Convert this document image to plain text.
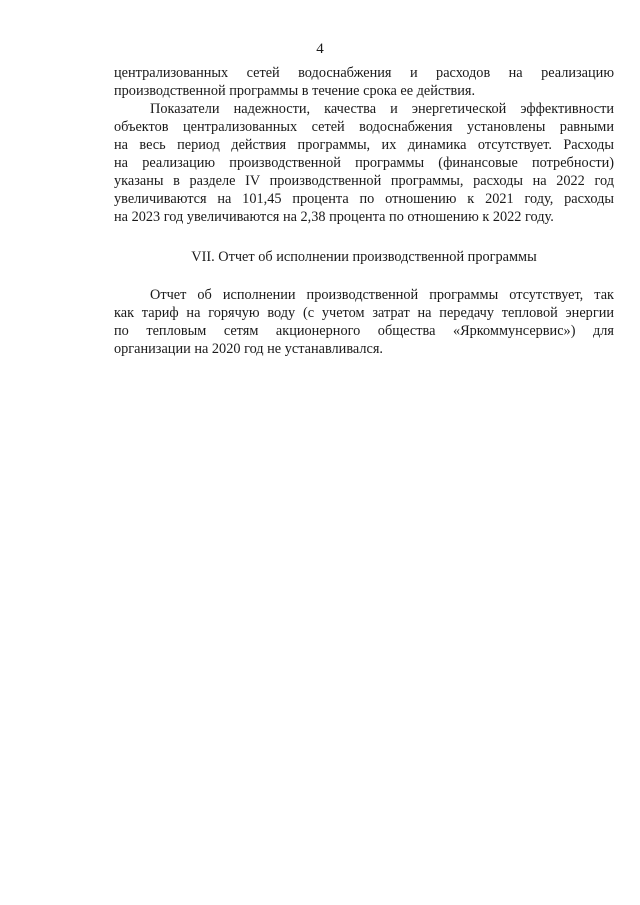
4

централизованных сетей водоснабжения и расходов на реализацию
производственной программы в течение срока ее действия.

Показатели надежности, качества и энергетической эффективности
объектов централизованных сетей водоснабжения установлены равными
на весь период действия программы, их динамика отсутствует. Расходы
на реализацию производственной программы (финансовые потребности)
указаны в разделе IV производственной программы, расходы на 2022 год
увеличиваются на 101,45 процента по отношению к 2021 году, расходы
на 2023 год увеличиваются на 2,38 процента по отношению к 2022 году.

VII. Отчет об исполнении производственной программы

Отчет об исполнении производственной программы отсутствует, так
как тариф на горячую воду (с учетом затрат на передачу тепловой энергии
по тепловым сетям акционерного общества «Яркоммунсервис») для
организации на 2020 год не устанавливался.
